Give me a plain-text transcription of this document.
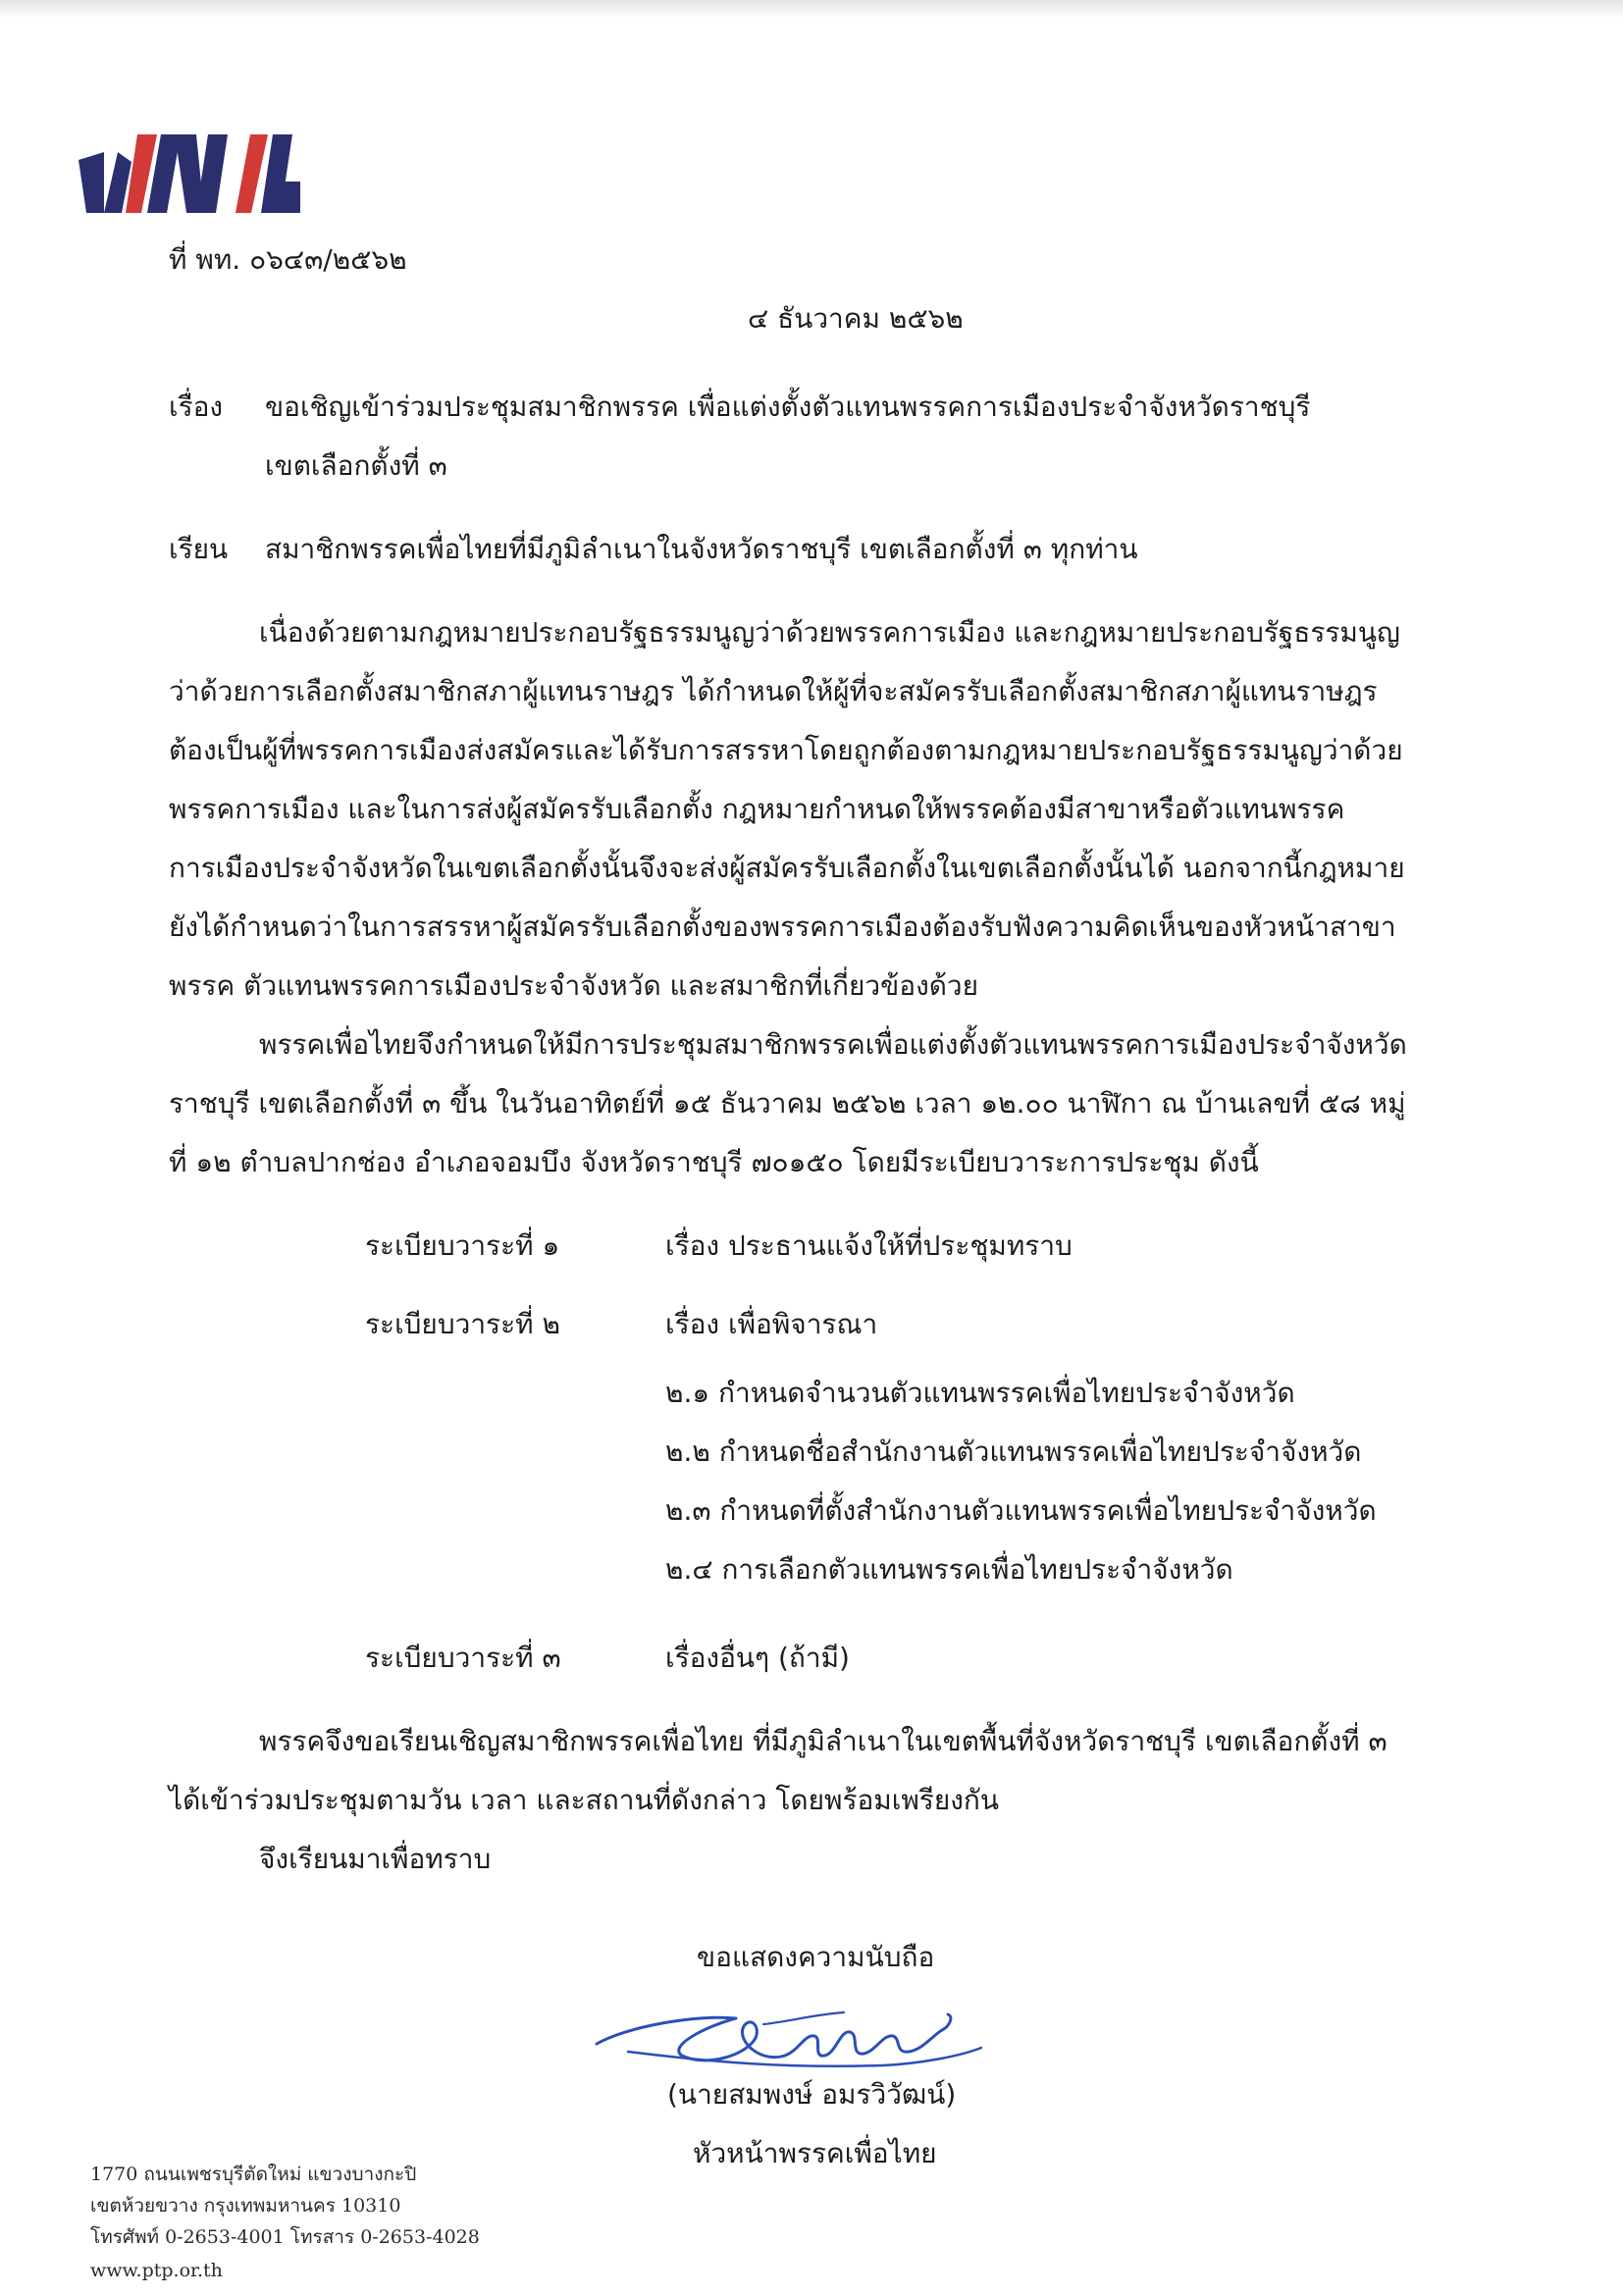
ที่ พท. ๐๖๔๓/๒๕๖๒
๔ ธันวาคม ๒๕๖๒
เรื่อง ขอเชิญเข้าร่วมประชุมสมาชิกพรรค เพื่อแต่งตั้งตัวแทนพรรคการเมืองประจำจังหวัดราชบุรี
เขตเลือกตั้งที่ ๓
เรียน สมาชิกพรรคเพื่อไทยที่มีภูมิลำเนาในจังหวัดราชบุรี เขตเลือกตั้งที่ ๓ ทุกท่าน
เนื่องด้วยตามกฎหมายประกอบรัฐธรรมนูญว่าด้วยพรรคการเมือง และกฎหมายประกอบรัฐธรรมนูญ
ว่าด้วยการเลือกตั้งสมาชิกสภาผู้แทนราษฎร ได้กำหนดให้ผู้ที่จะสมัครรับเลือกตั้งสมาชิกสภาผู้แทนราษฎร
ต้องเป็นผู้ที่พรรคการเมืองส่งสมัครและได้รับการสรรหาโดยถูกต้องตามกฎหมายประกอบรัฐธรรมนูญว่าด้วย
พรรคการเมือง และในการส่งผู้สมัครรับเลือกตั้ง กฎหมายกำหนดให้พรรคต้องมีสาขาหรือตัวแทนพรรค
การเมืองประจำจังหวัดในเขตเลือกตั้งนั้นจึงจะส่งผู้สมัครรับเลือกตั้งในเขตเลือกตั้งนั้นได้ นอกจากนี้กฎหมาย
ยังได้กำหนดว่าในการสรรหาผู้สมัครรับเลือกตั้งของพรรคการเมืองต้องรับฟังความคิดเห็นของหัวหน้าสาขา
พรรค ตัวแทนพรรคการเมืองประจำจังหวัด และสมาชิกที่เกี่ยวข้องด้วย
พรรคเพื่อไทยจึงกำหนดให้มีการประชุมสมาชิกพรรคเพื่อแต่งตั้งตัวแทนพรรคการเมืองประจำจังหวัด
ราชบุรี เขตเลือกตั้งที่ ๓ ขึ้น ในวันอาทิตย์ที่ ๑๕ ธันวาคม ๒๕๖๒ เวลา ๑๒.๐๐ นาฬิกา ณ บ้านเลขที่ ๕๘ หมู่
ที่ ๑๒ ตำบลปากช่อง อำเภอจอมบึง จังหวัดราชบุรี ๗๐๑๕๐ โดยมีระเบียบวาระการประชุม ดังนี้
ระเบียบวาระที่ ๑	เรื่อง ประธานแจ้งให้ที่ประชุมทราบ
ระเบียบวาระที่ ๒	เรื่อง เพื่อพิจารณา
๒.๑ กำหนดจำนวนตัวแทนพรรคเพื่อไทยประจำจังหวัด
๒.๒ กำหนดชื่อสำนักงานตัวแทนพรรคเพื่อไทยประจำจังหวัด
๒.๓ กำหนดที่ตั้งสำนักงานตัวแทนพรรคเพื่อไทยประจำจังหวัด
๒.๔ การเลือกตัวแทนพรรคเพื่อไทยประจำจังหวัด
ระเบียบวาระที่ ๓	เรื่องอื่นๆ (ถ้ามี)
พรรคจึงขอเรียนเชิญสมาชิกพรรคเพื่อไทย ที่มีภูมิลำเนาในเขตพื้นที่จังหวัดราชบุรี เขตเลือกตั้งที่ ๓
ได้เข้าร่วมประชุมตามวัน เวลา และสถานที่ดังกล่าว โดยพร้อมเพรียงกัน
จึงเรียนมาเพื่อทราบ
ขอแสดงความนับถือ
(นายสมพงษ์ อมรวิวัฒน์)
หัวหน้าพรรคเพื่อไทย
1770 ถนนเพชรบุรีตัดใหม่ แขวงบางกะปิ
เขตห้วยขวาง กรุงเทพมหานคร 10310
โทรศัพท์ 0-2653-4001 โทรสาร 0-2653-4028
www.ptp.or.th
